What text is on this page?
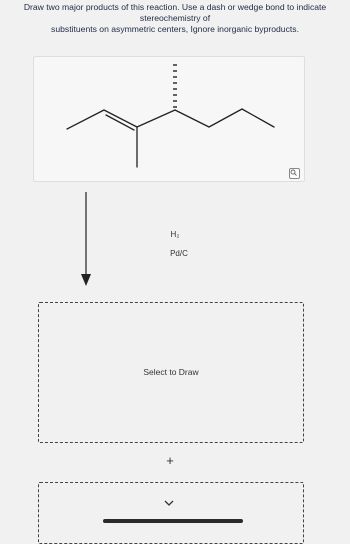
Draw two major products of this reaction. Use a dash or wedge bond to indicate stereochemistry of
substituents on asymmetric centers, Ignore inorganic byproducts.
H₂
Pd/C
Select to Draw
+
